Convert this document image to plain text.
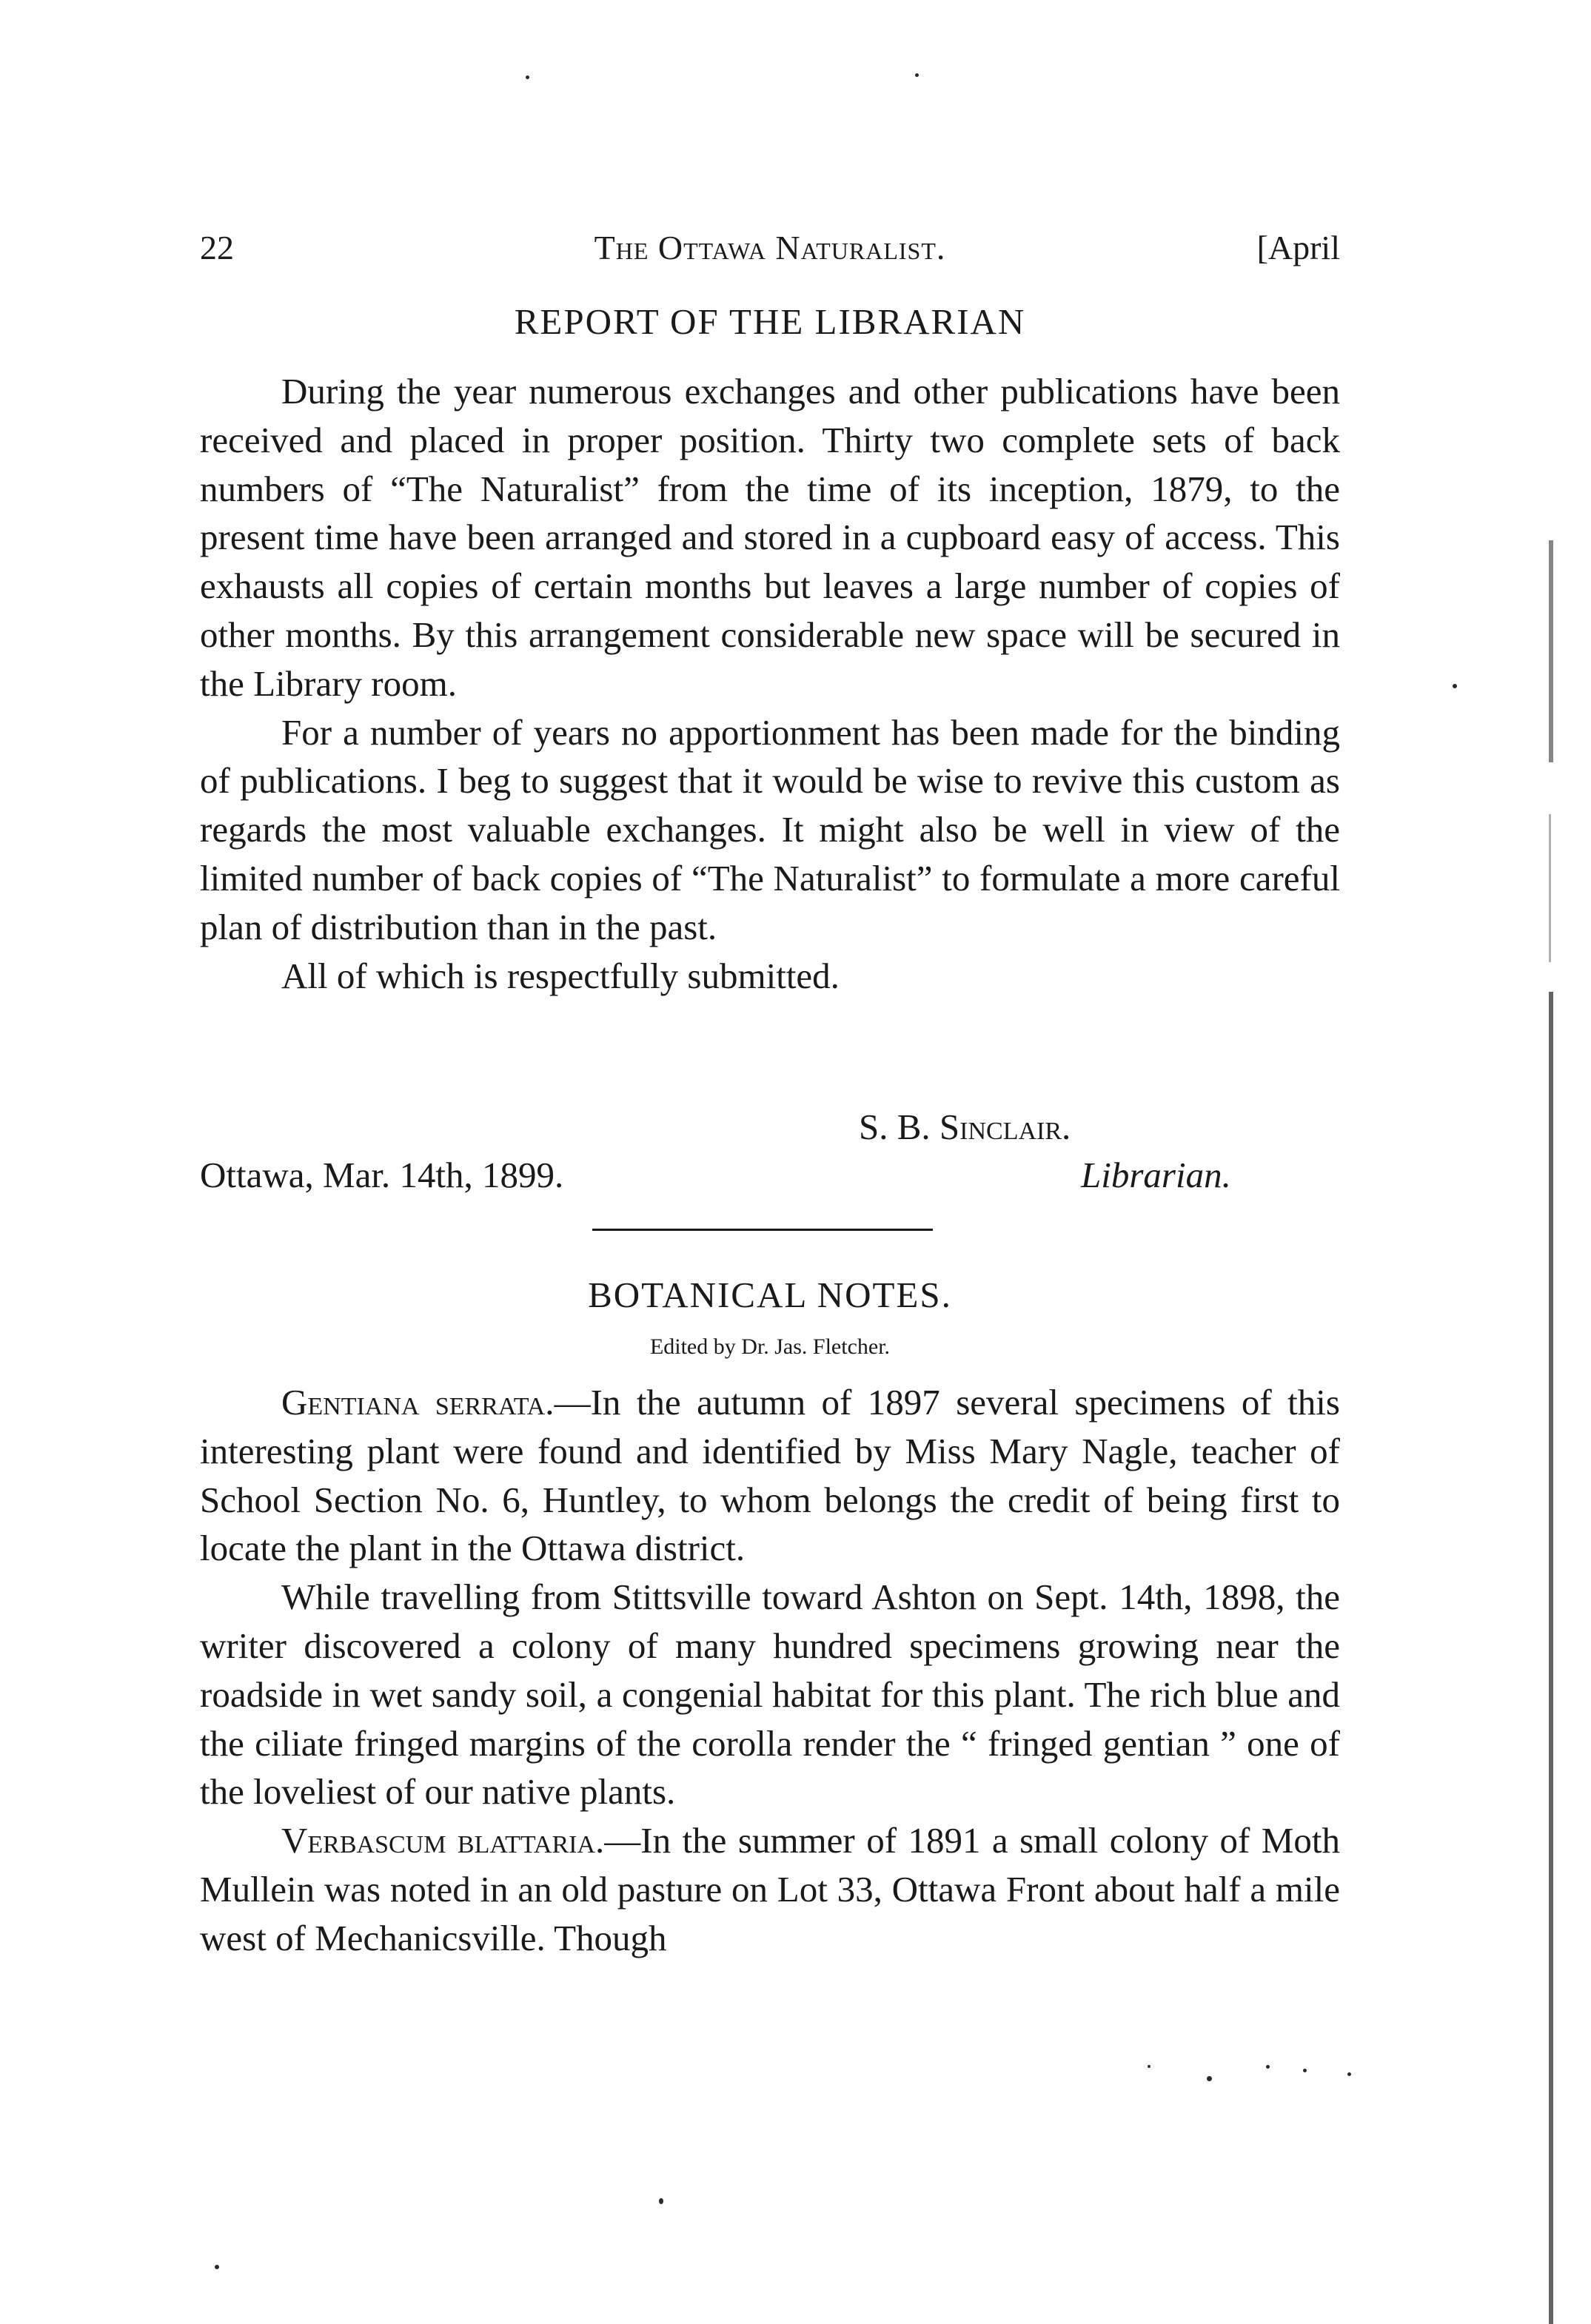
22	The Ottawa Naturalist.	[April
REPORT OF THE LIBRARIAN

During the year numerous exchanges and other publications have been received and placed in proper position. Thirty two complete sets of back numbers of “The Naturalist” from the time of its inception, 1879, to the present time have been arranged and stored in a cupboard easy of access. This exhausts all copies of certain months but leaves a large number of copies of other months. By this arrangement considerable new space will be secured in the Library room.

For a number of years no apportionment has been made for the binding of publications. I beg to suggest that it would be wise to revive this custom as regards the most valuable exchanges. It might also be well in view of the limited number of back copies of “The Naturalist” to formulate a more careful plan of distribution than in the past.

All of which is respectfully submitted.

S. B. Sinclair.
Ottawa, Mar. 14th, 1899.	Librarian.
BOTANICAL NOTES.
Edited by Dr. Jas. Fletcher.

Gentiana serrata.—In the autumn of 1897 several specimens of this interesting plant were found and identified by Miss Mary Nagle, teacher of School Section No. 6, Huntley, to whom belongs the credit of being first to locate the plant in the Ottawa district.

While travelling from Stittsville toward Ashton on Sept. 14th, 1898, the writer discovered a colony of many hundred specimens growing near the roadside in wet sandy soil, a congenial habitat for this plant. The rich blue and the ciliate fringed margins of the corolla render the “ fringed gentian ” one of the loveliest of our native plants.

Verbascum blattaria.—In the summer of 1891 a small colony of Moth Mullein was noted in an old pasture on Lot 33, Ottawa Front about half a mile west of Mechanicsville. Though
